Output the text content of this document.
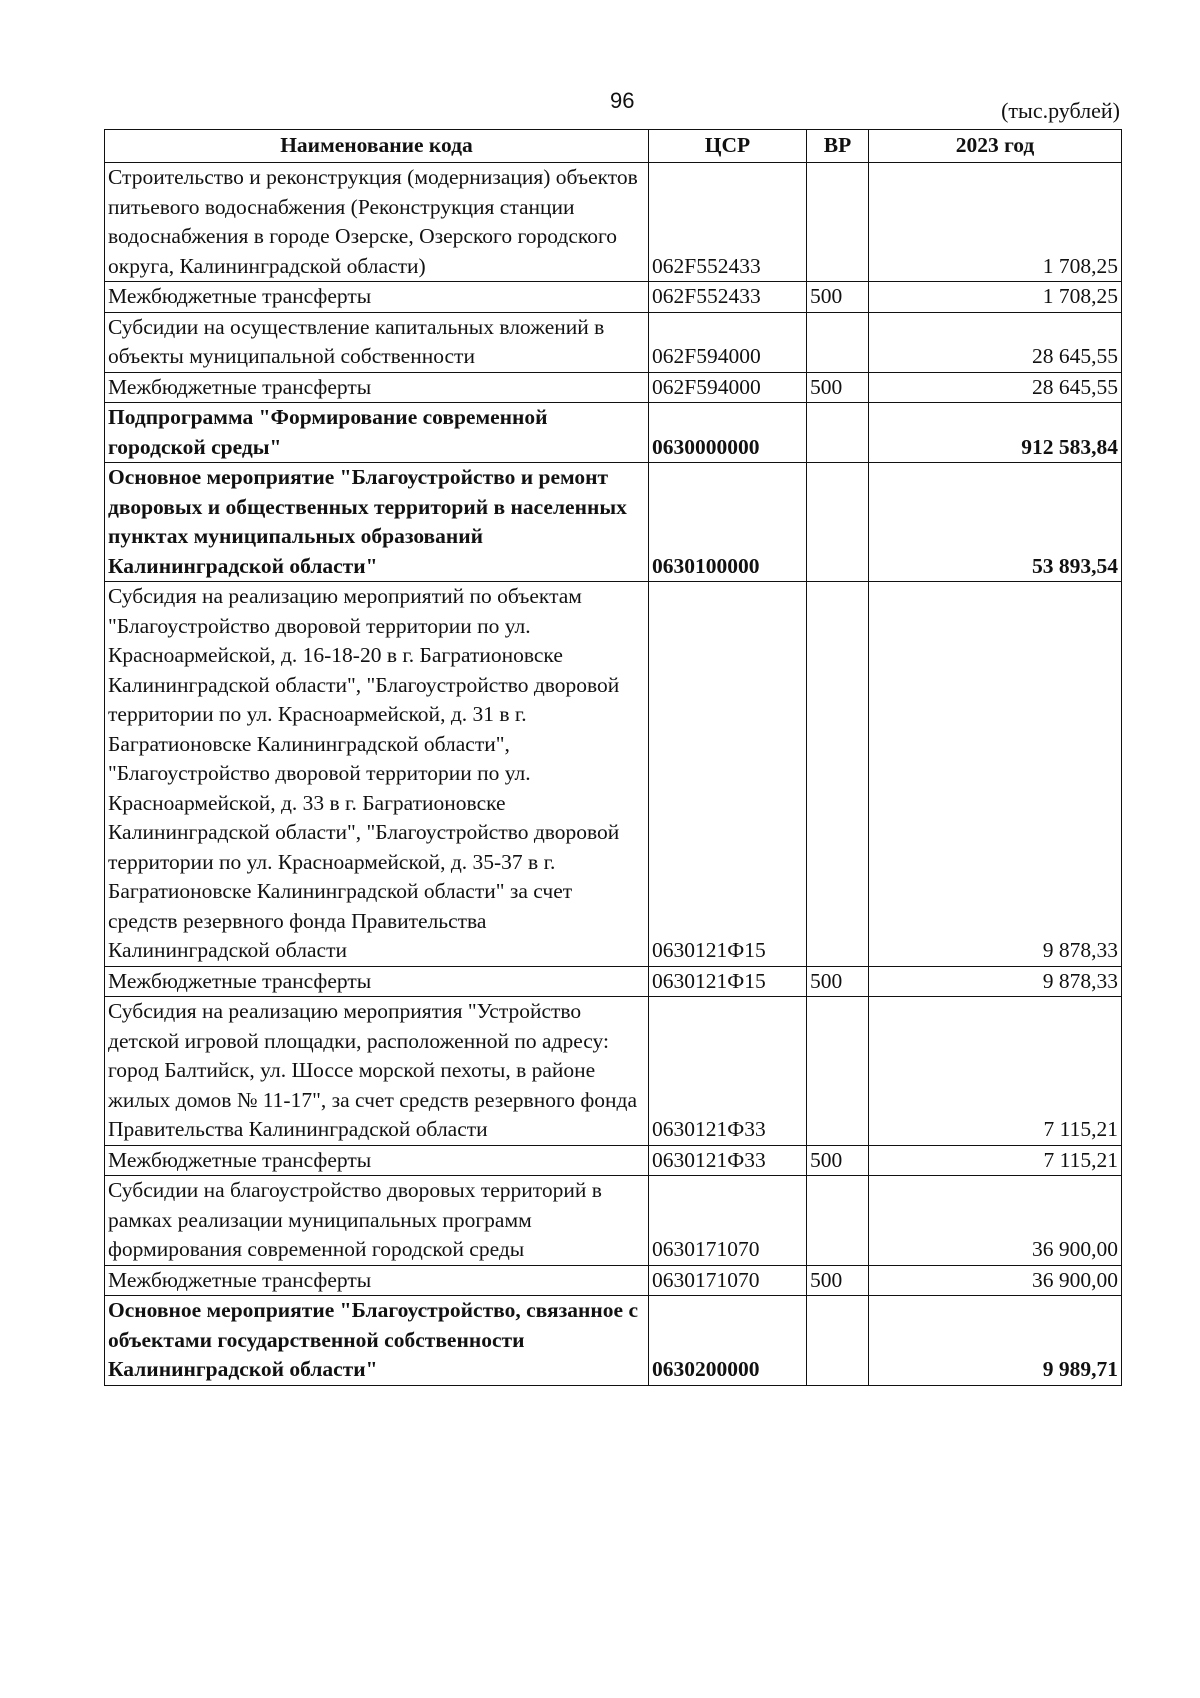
96	(тыс.рублей)
Наименование кода	ЦСР	ВР	2023 год
Строительство и реконструкция (модернизация) объектов питьевого водоснабжения (Реконструкция станции водоснабжения в городе Озерске, Озерского городского округа, Калининградской области)	062F552433		1 708,25
Межбюджетные трансферты	062F552433	500	1 708,25
Субсидии на осуществление капитальных вложений в объекты муниципальной собственности	062F594000		28 645,55
Межбюджетные трансферты	062F594000	500	28 645,55
Подпрограмма "Формирование современной городской среды"	0630000000		912 583,84
Основное мероприятие "Благоустройство и ремонт дворовых и общественных территорий в населенных пунктах муниципальных образований Калининградской области"	0630100000		53 893,54
Субсидия на реализацию мероприятий по объектам "Благоустройство дворовой территории по ул. Красноармейской, д. 16-18-20 в г. Багратионовске Калининградской области", "Благоустройство дворовой территории по ул. Красноармейской, д. 31 в г. Багратионовске Калининградской области", "Благоустройство дворовой территории по ул. Красноармейской, д. 33 в г. Багратионовске Калининградской области", "Благоустройство дворовой территории по ул. Красноармейской, д. 35-37 в г. Багратионовске Калининградской области" за счет средств резервного фонда Правительства Калининградской области	0630121Ф15		9 878,33
Межбюджетные трансферты	0630121Ф15	500	9 878,33
Субсидия на реализацию мероприятия "Устройство детской игровой площадки, расположенной по адресу: город Балтийск, ул. Шоссе морской пехоты, в районе жилых домов № 11-17", за счет средств резервного фонда Правительства Калининградской области	0630121Ф33		7 115,21
Межбюджетные трансферты	0630121Ф33	500	7 115,21
Субсидии на благоустройство дворовых территорий в рамках реализации муниципальных программ формирования современной городской среды	0630171070		36 900,00
Межбюджетные трансферты	0630171070	500	36 900,00
Основное мероприятие "Благоустройство, связанное с объектами государственной собственности Калининградской области"	0630200000		9 989,71
